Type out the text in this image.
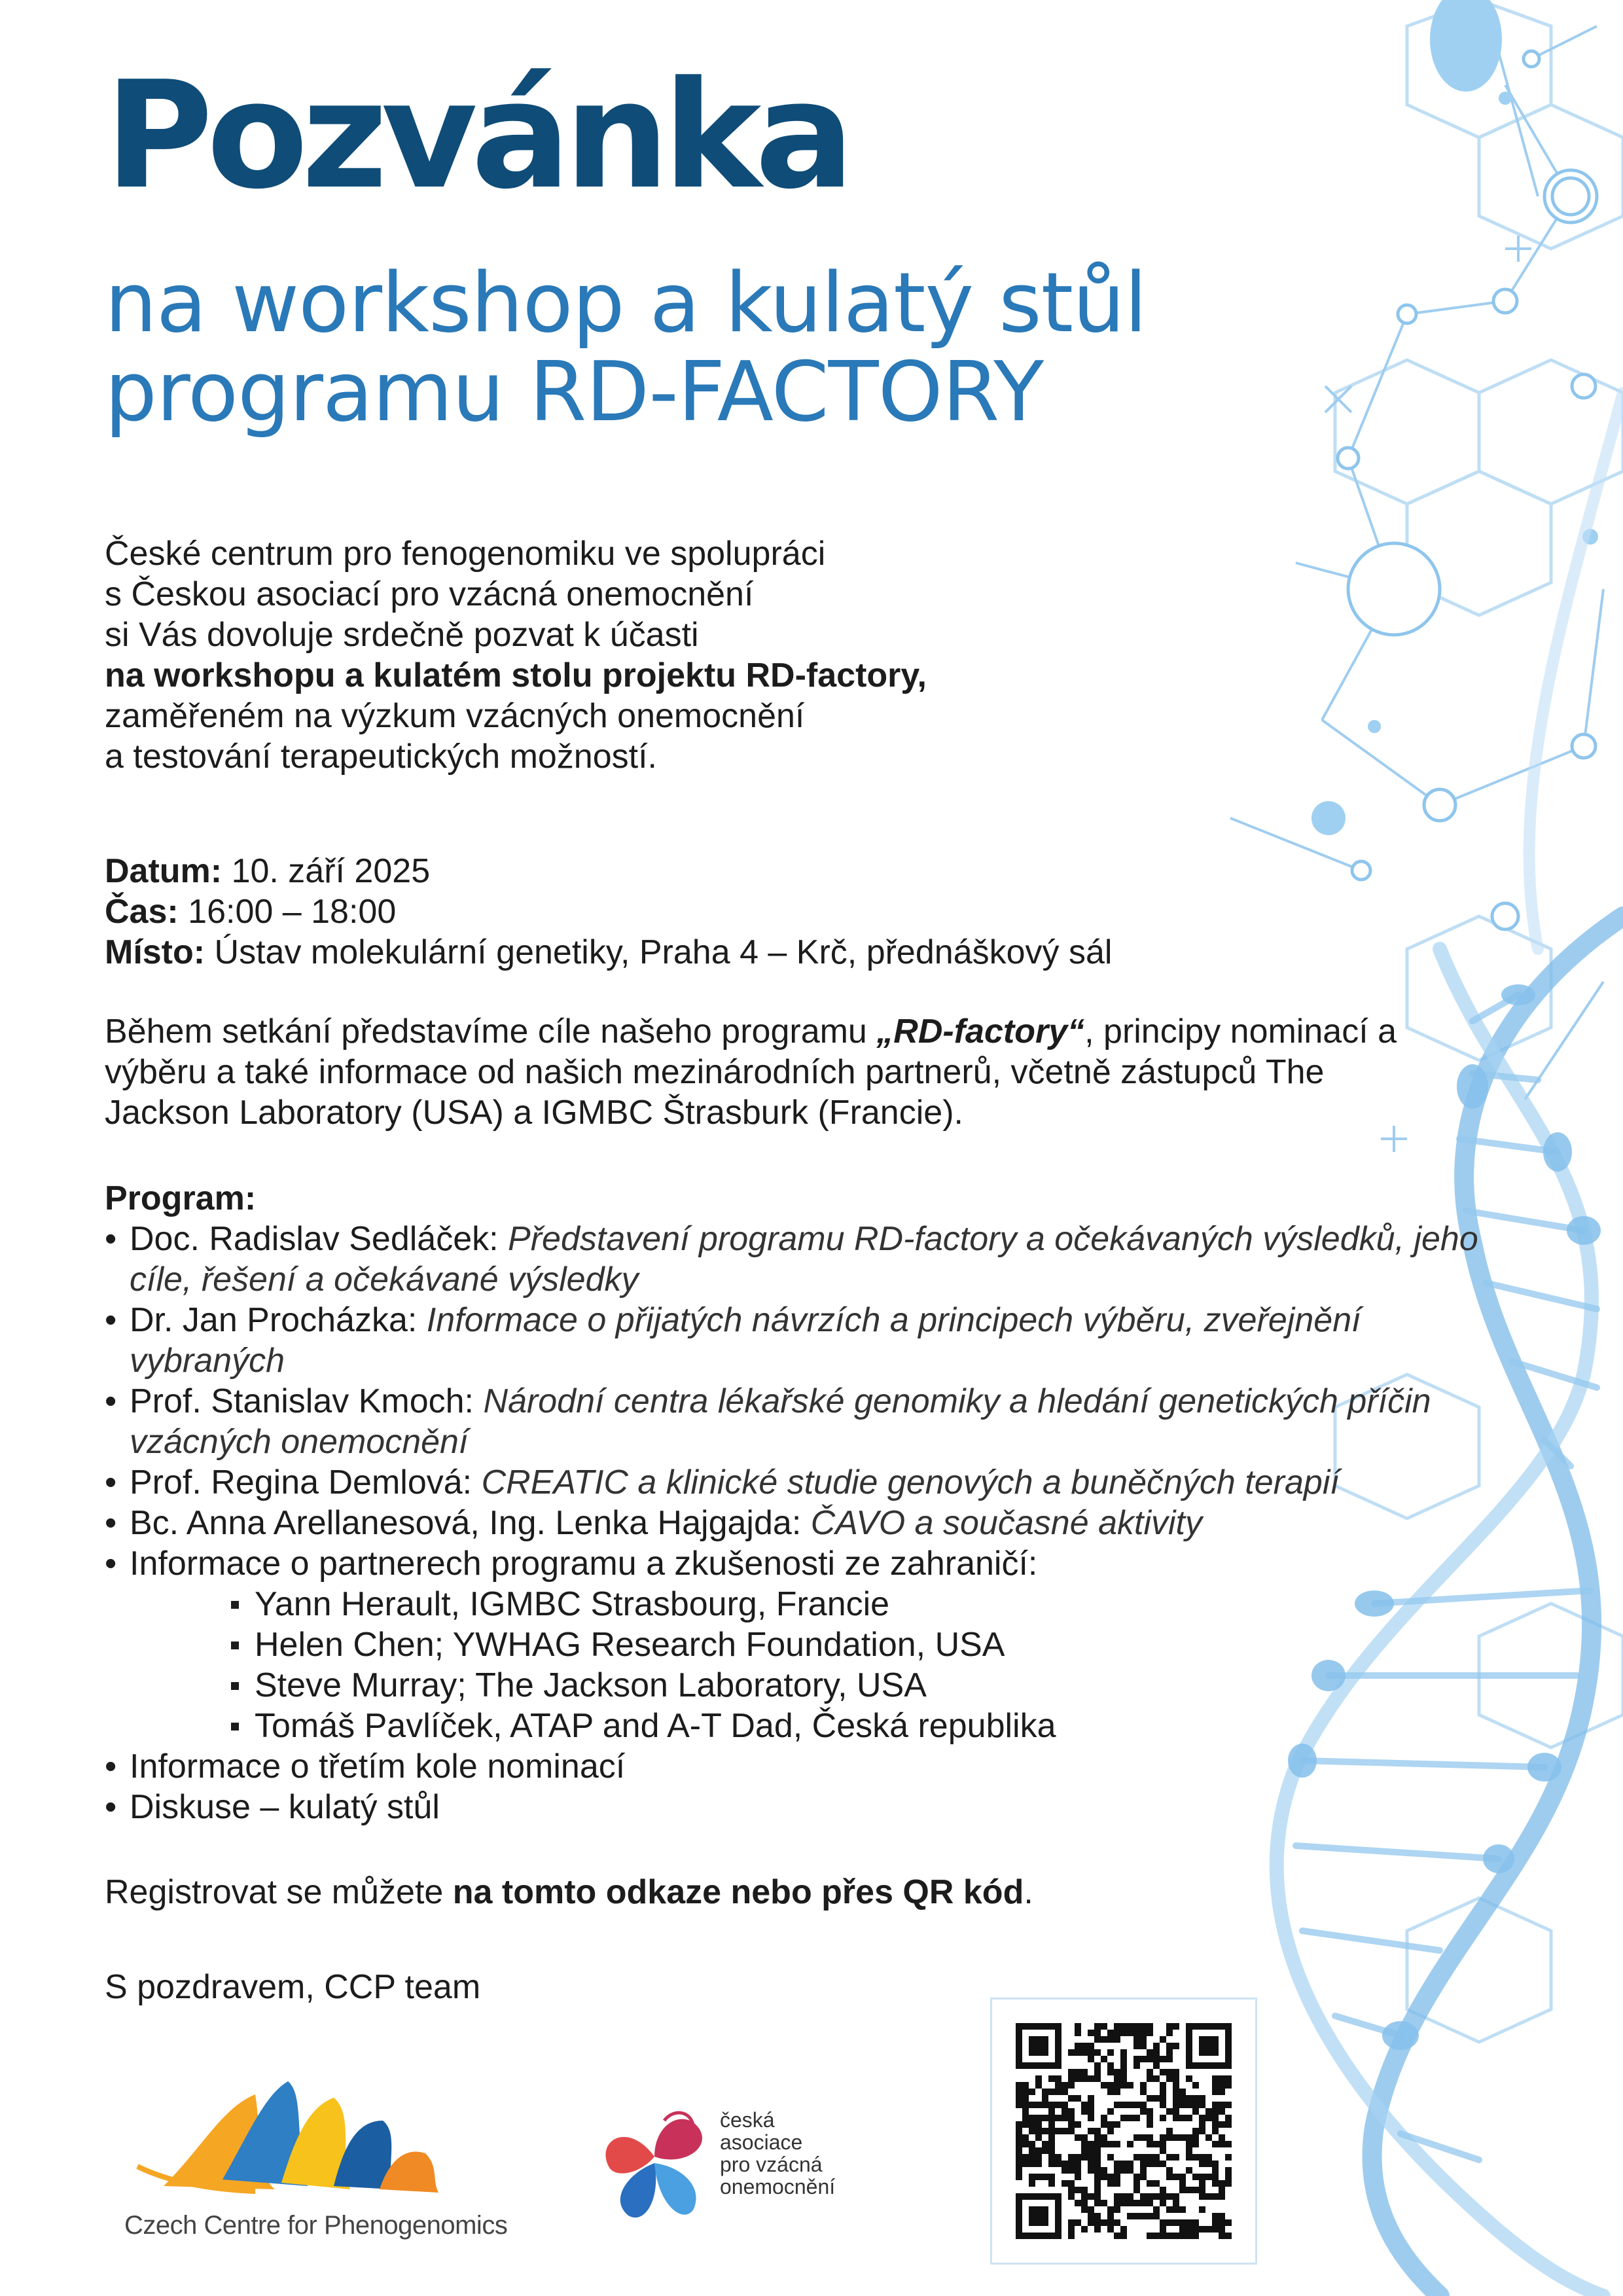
Pozvánka
na workshop a kulatý stůl
programu RD-FACTORY
České centrum pro fenogenomiku ve spolupráci
s Českou asociací pro vzácná onemocnění
si Vás dovoluje srdečně pozvat k účasti
na workshopu a kulatém stolu projektu RD-factory,
zaměřeném na výzkum vzácných onemocnění
a testování terapeutických možností.
Datum: 10. září 2025
Čas: 16:00 – 18:00
Místo: Ústav molekulární genetiky, Praha 4 – Krč, přednáškový sál
Během setkání představíme cíle našeho programu „RD-factory“, principy nominací a
výběru a také informace od našich mezinárodních partnerů, včetně zástupců The
Jackson Laboratory (USA) a IGMBC Štrasburk (Francie).
Program:
• Doc. Radislav Sedláček: Představení programu RD-factory a očekávaných výsledků, jeho
cíle, řešení a očekávané výsledky
• Dr. Jan Procházka: Informace o přijatých návrzích a principech výběru, zveřejnění
vybraných
• Prof. Stanislav Kmoch: Národní centra lékařské genomiky a hledání genetických příčin
vzácných onemocnění
• Prof. Regina Demlová: CREATIC a klinické studie genových a buněčných terapií
• Bc. Anna Arellanesová, Ing. Lenka Hajgajda: ČAVO a současné aktivity
• Informace o partnerech programu a zkušenosti ze zahraničí:
Yann Herault, IGMBC Strasbourg, Francie
Helen Chen; YWHAG Research Foundation, USA
Steve Murray; The Jackson Laboratory, USA
Tomáš Pavlíček, ATAP and A-T Dad, Česká republika
• Informace o třetím kole nominací
• Diskuse – kulatý stůl
Registrovat se můžete na tomto odkaze nebo přes QR kód.
S pozdravem, CCP team
Czech Centre for Phenogenomics
česká
asociace
pro vzácná
onemocnění
